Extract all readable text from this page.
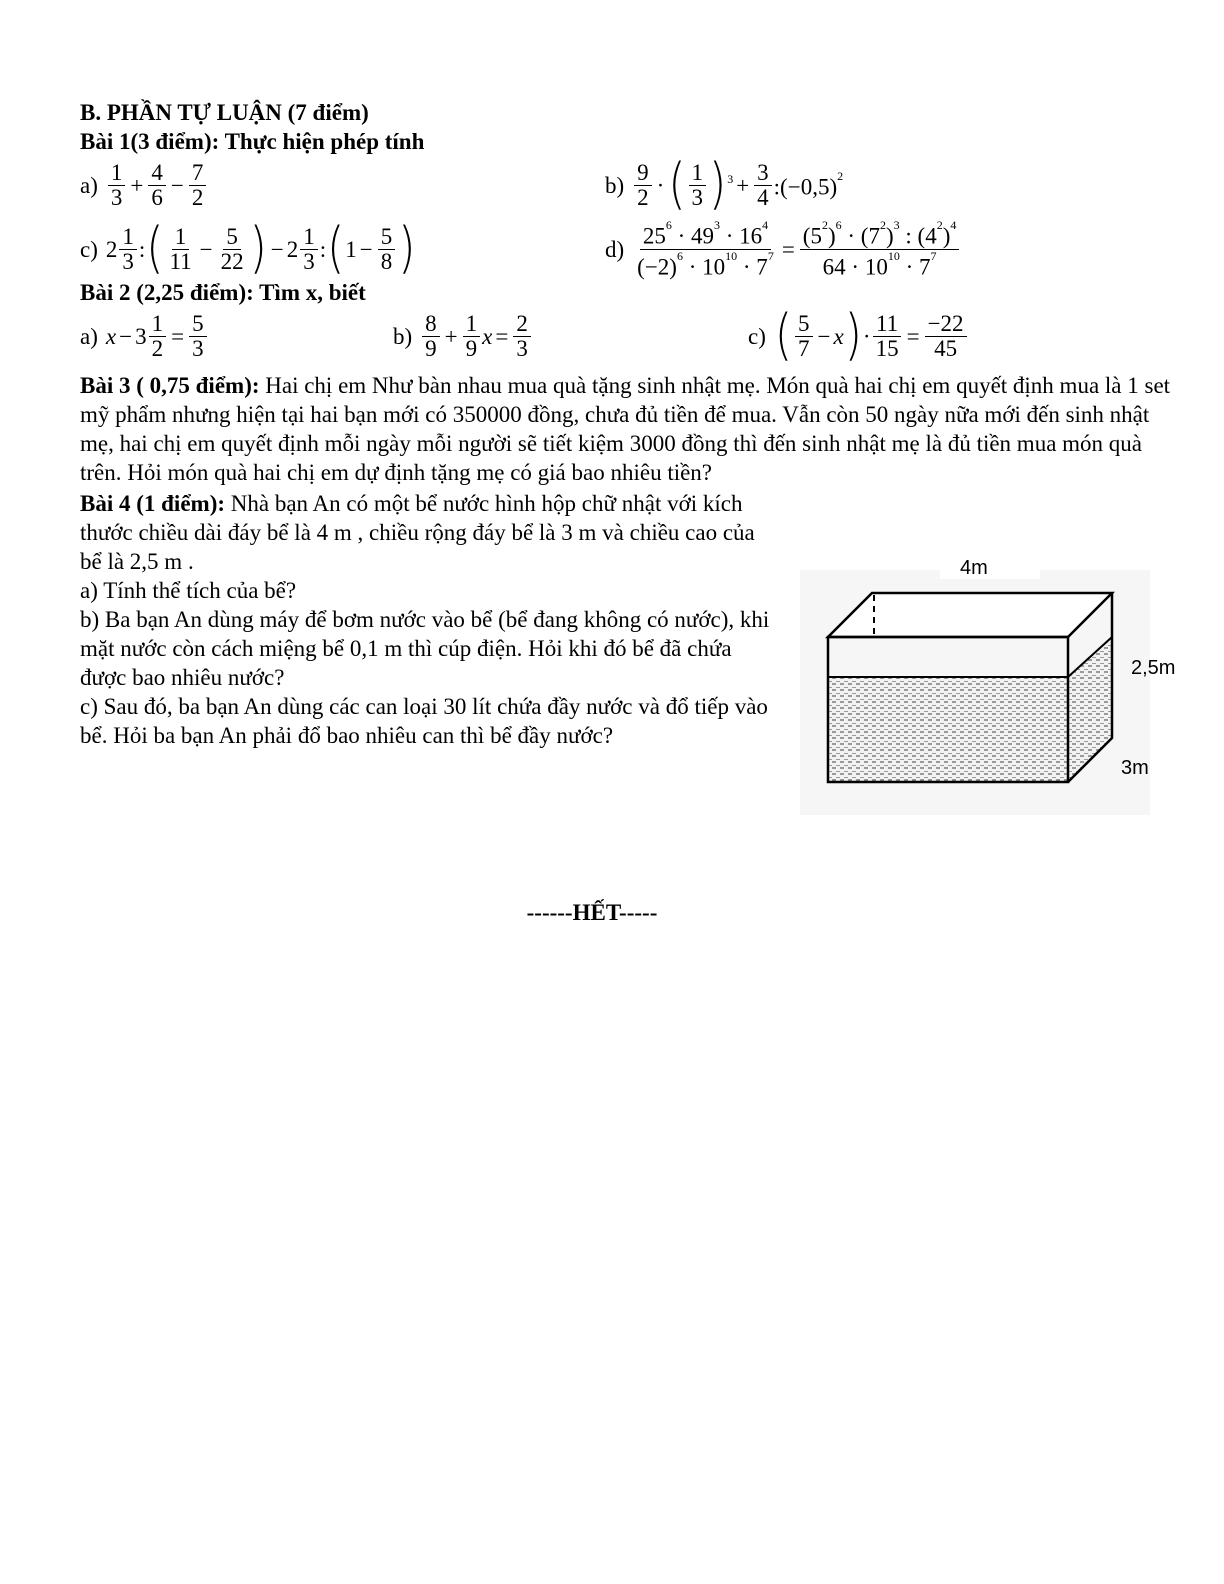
B. PHẦN TỰ LUẬN (7 điểm)

Bài 1(3 điểm): Thực hiện phép tính

$a) \frac{1}{3} + \frac{4}{6} - \frac{7}{2}$	$b) \frac{9}{2}$ · ( $\frac{1}{3} )^3 + \frac{3}{4}$ $:(-0,5)^2$
c) $2 \frac{1}{3}$ : ( $\frac{1}{11} - \frac{5}{22}$ ) − $2 \frac{1}{3}$ : ( $1 - \frac{5}{8}$ )	$d) \frac{25^6 \cdot 49^3 \cdot 16^4}{(-2)^6 \cdot 10^{10} \cdot 7^7} = \frac{(5^2)^6 \cdot (7^2)^3 : (4^2)^4}{64 \cdot 10^{10} \cdot 7^7}$

Bài 2 (2,25 điểm): Tìm x, biết

a) $x - 3 \frac{1}{2} = \frac{5}{3}$	$b) \frac{8}{9} + \frac{1}{9}$ $x = \frac{2}{3}$	c) ( $\frac{5}{7} - x$ ) · $\frac{11}{15} = \frac{-22}{45}$

Bài 3 ( 0,75 điểm): Hai chị em Như bàn nhau mua quà tặng sinh nhật mẹ. Món quà hai chị em quyết định mua là 1 set mỹ phẩm nhưng hiện tại hai bạn mới có 350000 đồng, chưa đủ tiền để mua. Vẫn còn 50 ngày nữa mới đến sinh nhật mẹ, hai chị em quyết định mỗi ngày mỗi người sẽ tiết kiệm 3000 đồng thì đến sinh nhật mẹ là đủ tiền mua món quà trên. Hỏi món quà hai chị em dự định tặng mẹ có giá bao nhiêu tiền?

Bài 4 (1 điểm): Nhà bạn An có một bể nước hình hộp chữ nhật với kích thước chiều dài đáy bể là 4 m , chiều rộng đáy bể là 3 m và chiều cao của bể là 2,5 m .

a) Tính thể tích của bể?

b) Ba bạn An dùng máy để bơm nước vào bể (bể đang không có nước), khi mặt nước còn cách miệng bể 0,1 m thì cúp điện. Hỏi khi đó bể đã chứa được bao nhiêu nước?

c) Sau đó, ba bạn An dùng các can loại 30 lít chứa đầy nước và đổ tiếp vào bể. Hỏi ba bạn An phải đổ bao nhiêu can thì bể đầy nước?

4m
2,5m
3m
------HẾT-----
